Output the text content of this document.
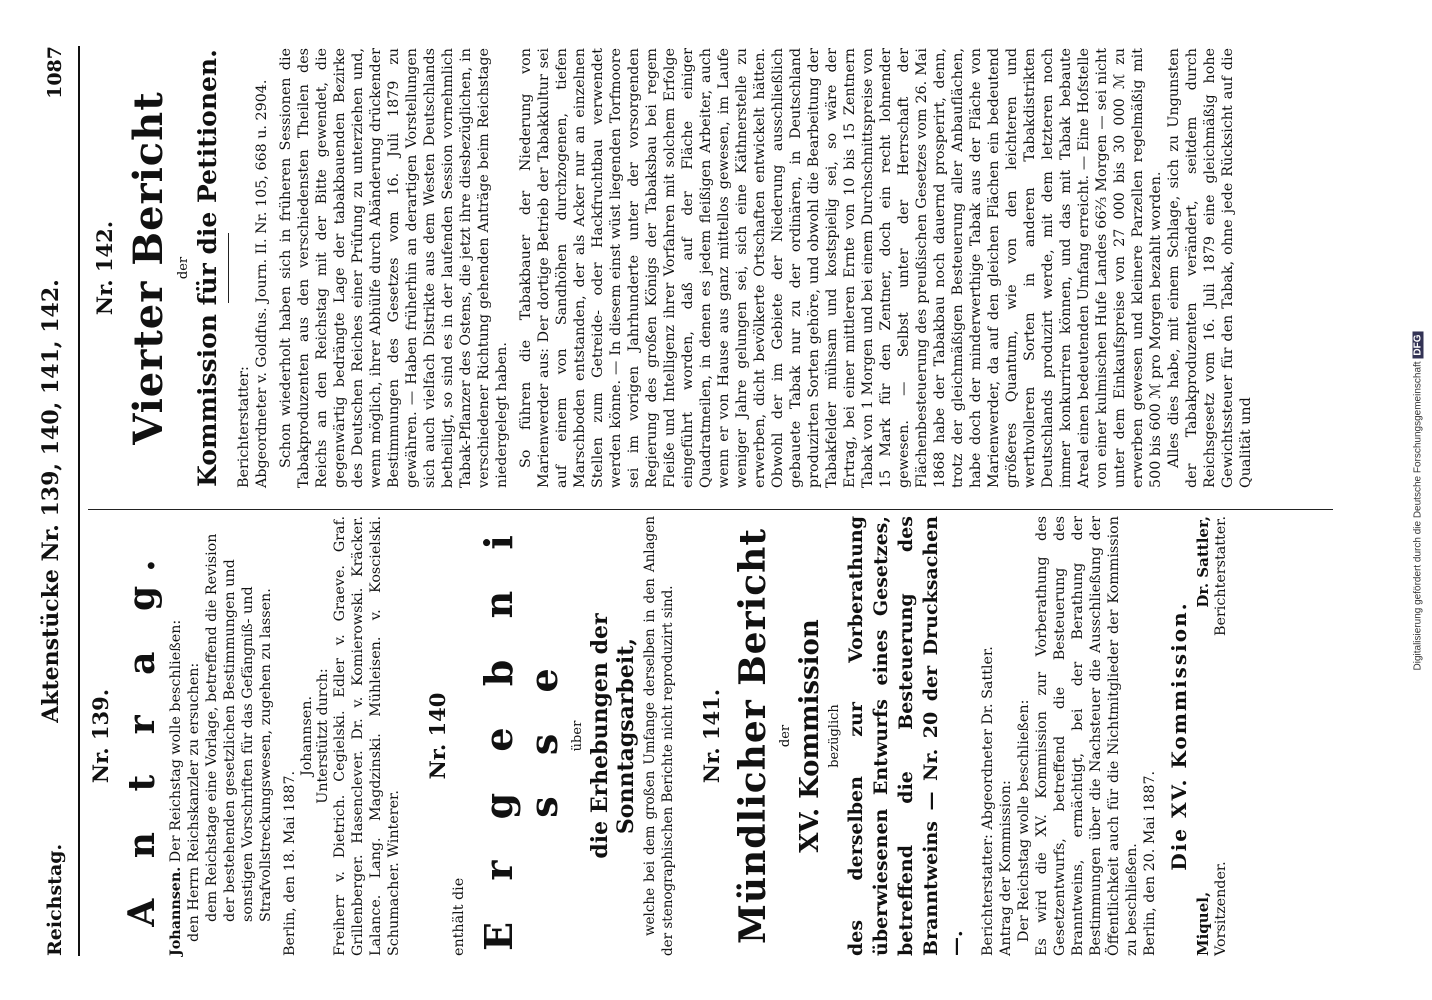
Reichstag.
Aktenstücke Nr. 139, 140, 141, 142.
1087

Nr. 139. A n t r a g. Johannsen. Der Reichstag wolle beschließen: den Herrn Reichskanzler zu ersuchen: dem Reichstage eine Vorlage, betreffend die Revision der bestehenden gesetzlichen Bestimmungen und sonstigen Vorschriften für das Gefängniß- und Strafvollstreckungswesen, zugehen zu lassen. Berlin, den 18. Mai 1887.

Johannsen. Unterstützt durch: Freiherr v. Dietrich. Cegielski. Edler v. Graeve. Graf. Grillenberger. Hasenclever. Dr. v. Komierowski. Kräcker. Lalance. Lang. Magdzinski. Mühleisen. v. Koscielski. Schumacher. Winterer.

Nr. 140

enthält die E r g e b n i s s e über die Erhebungen der Sonntagsarbeit, welche bei dem großen Umfange derselben in den Anlagen der stenographischen Berichte nicht reproduzirt sind. Nr. 141. Mündlicher Bericht der XV. Kommission bezüglich des derselben zur Vorberathung überwiesenen Entwurfs eines Gesetzes, betreffend die Besteuerung des Branntweins — Nr. 20 der Drucksachen —. Berichterstatter: Abgeordneter Dr. Sattler. Antrag der Kommission: Der Reichstag wolle beschließen: Es wird die XV. Kommission zur Vorberathung des Gesetzentwurfs, betreffend die Besteuerung des Branntweins, ermächtigt, bei der Berathung der Bestimmungen über die Nachsteuer die Ausschließung der Öffentlichkeit auch für die Nichtmitglieder der Kommission zu beschließen. Berlin, den 20. Mai 1887. Die XV. Kommission.

Miquel,
Vorsitzender.
Dr. Sattler,
Berichterstatter.

Nr. 142. Vierter Bericht der Kommission für die Petitionen. Berichterstatter: Abgeordneter v. Goldfus. Journ. II. Nr. 105, 668 u. 2904. Schon wiederholt haben sich in früheren Sessionen die Tabakproduzenten aus den verschiedensten Theilen des Reichs an den Reichstag mit der Bitte gewendet, die gegenwärtig bedrängte Lage der tabakbauenden Bezirke des Deutschen Reiches einer Prüfung zu unterziehen und, wenn möglich, ihrer Abhülfe durch Abänderung drückender Bestimmungen des Gesetzes vom 16. Juli 1879 zu gewähren. — Haben früherhin an derartigen Vorstellungen sich auch vielfach Distrikte aus dem Westen Deutschlands betheiligt, so sind es in der laufenden Session vornehmlich Tabak-Pflanzer des Ostens, die jetzt ihre diesbezüglichen, in verschiedener Richtung gehenden Anträge beim Reichstage niedergelegt haben. So führen die Tabakbauer der Niederung von Marienwerder aus: Der dortige Betrieb der Tabakkultur sei auf einem von Sandhöhen durchzogenen, tiefen Marschboden entstanden, der als Acker nur an einzelnen Stellen zum Getreide- oder Hackfruchtbau verwendet werden könne. — In diesem einst wüst liegenden Torfmoore sei im vorigen Jahrhunderte unter der vorsorgenden Regierung des großen Königs der Tabaksbau bei regem Fleiße und Intelligenz ihrer Vorfahren mit solchem Erfolge eingeführt worden, daß auf der Fläche einiger Quadratmeilen, in denen es jedem fleißigen Arbeiter, auch wenn er von Hause aus ganz mittellos gewesen, im Laufe weniger Jahre gelungen sei, sich eine Käthnerstelle zu erwerben, dicht bevölkerte Ortschaften entwickelt hätten. Obwohl der im Gebiete der Niederung ausschließlich gebauete Tabak nur zu der ordinären, in Deutschland produzirten Sorten gehöre, und obwohl die Bearbeitung der Tabakfelder mühsam und kostspielig sei, so wäre der Ertrag, bei einer mittleren Ernte von 10 bis 15 Zentnern Tabak von 1 Morgen und bei einem Durchschnittspreise von 15 Mark für den Zentner, doch ein recht lohnender gewesen. — Selbst unter der Herrschaft der Flächenbesteuerung des preußischen Gesetzes vom 26. Mai 1868 habe der Tabakbau noch dauernd prosperirt, denn, trotz der gleichmäßigen Besteuerung aller Anbauflächen, habe doch der minderwerthige Tabak aus der Fläche von Marienwerder, da auf den gleichen Flächen ein bedeutend größeres Quantum, wie von den leichteren und werthvolleren Sorten in anderen Tabakdistrikten Deutschlands produzirt werde, mit dem letzteren noch immer konkurriren können, und das mit Tabak bebaute Areal einen bedeutenden Umfang erreicht. — Eine Hofstelle von einer kulmischen Hufe Landes 66⅔ Morgen — sei nicht unter dem Einkaufspreise von 27 000 bis 30 000 ℳ zu erwerben gewesen und kleinere Parzellen regelmäßig mit 500 bis 600 ℳ pro Morgen bezahlt worden. Alles dies habe, mit einem Schlage, sich zu Ungunsten der Tabakproduzenten verändert, seitdem durch Reichsgesetz vom 16. Juli 1879 eine gleichmäßig hohe Gewichtssteuer für den Tabak, ohne jede Rücksicht auf die Qualität und	Digitalisierung gefördert durch die Deutsche Forschungsgemeinschaft DFG
